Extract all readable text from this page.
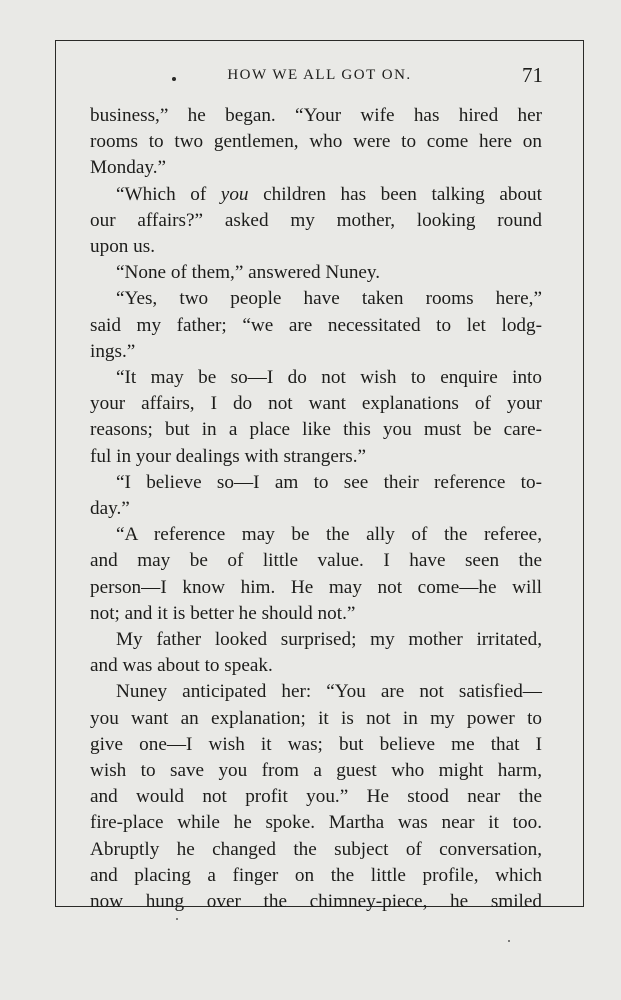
HOW WE ALL GOT ON.	71
business,” he began. “Your wife has hired her
rooms to two gentlemen, who were to come here on
Monday.”
“Which of you children has been talking about
our affairs?” asked my mother, looking round
upon us.
“None of them,” answered Nuney.
“Yes, two people have taken rooms here,”
said my father; “we are necessitated to let lodg-
ings.”
“It may be so—I do not wish to enquire into
your affairs, I do not want explanations of your
reasons; but in a place like this you must be care-
ful in your dealings with strangers.”
“I believe so—I am to see their reference to-
day.”
“A reference may be the ally of the referee,
and may be of little value. I have seen the
person—I know him. He may not come—he will
not; and it is better he should not.”
My father looked surprised; my mother irritated,
and was about to speak.
Nuney anticipated her: “You are not satisfied—
you want an explanation; it is not in my power to
give one—I wish it was; but believe me that I
wish to save you from a guest who might harm,
and would not profit you.” He stood near the
fire-place while he spoke. Martha was near it too.
Abruptly he changed the subject of conversation,
and placing a finger on the little profile, which
now hung over the chimney-piece, he smiled
